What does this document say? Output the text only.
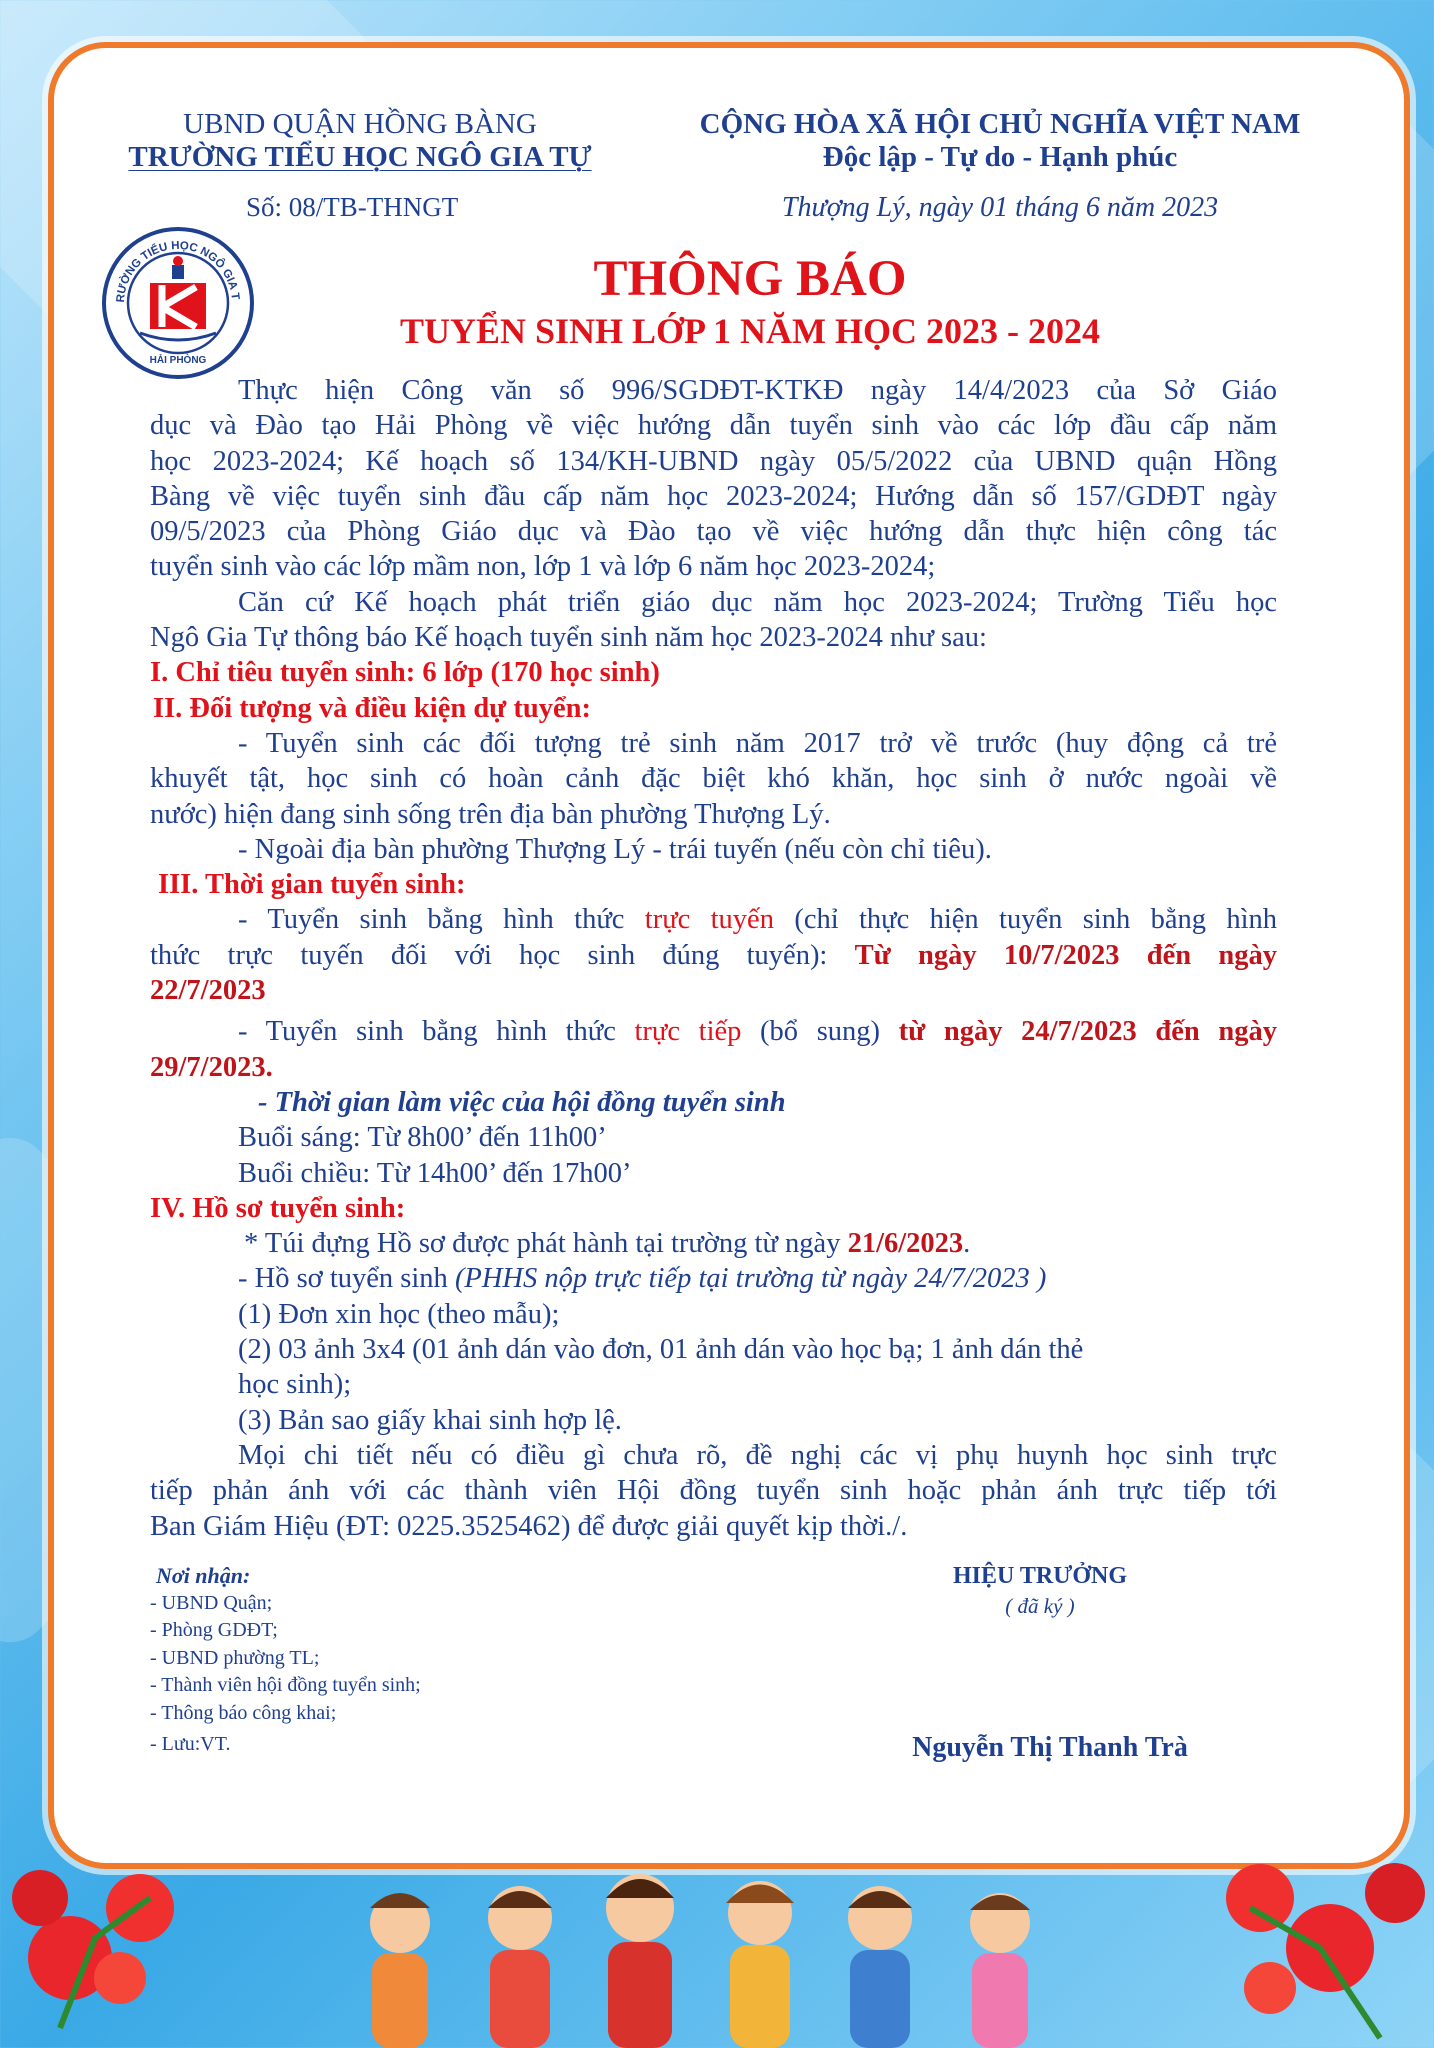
UBND QUẬN HỒNG BÀNG
TRƯỜNG TIỂU HỌC NGÔ GIA TỰ
Số: 08/TB-THNGT
CỘNG HÒA XÃ HỘI CHỦ NGHĨA VIỆT NAM
Độc lập - Tự do - Hạnh phúc
Thượng Lý, ngày 01 tháng 6 năm 2023
RƯỜNG TIỂU HỌC NGÔ GIA T
HẢI PHÒNG
THÔNG BÁO
TUYỂN SINH LỚP 1 NĂM HỌC 2023 - 2024
Thực hiện Công văn số 996/SGDĐT-KTKĐ ngày 14/4/2023 của Sở Giáo
dục và Đào tạo Hải Phòng về việc hướng dẫn tuyển sinh vào các lớp đầu cấp năm
học 2023-2024; Kế hoạch số 134/KH-UBND ngày 05/5/2022 của UBND quận Hồng
Bàng về việc tuyển sinh đầu cấp năm học 2023-2024; Hướng dẫn số 157/GDĐT ngày
09/5/2023 của Phòng Giáo dục và Đào tạo về việc hướng dẫn thực hiện công tác
tuyển sinh vào các lớp mầm non, lớp 1 và lớp 6 năm học 2023-2024;
Căn cứ Kế hoạch phát triển giáo dục năm học 2023-2024; Trường Tiểu học
Ngô Gia Tự thông báo Kế hoạch tuyển sinh năm học 2023-2024 như sau:
I. Chỉ tiêu tuyển sinh: 6 lớp (170 học sinh)
II. Đối tượng và điều kiện dự tuyển:
- Tuyển sinh các đối tượng trẻ sinh năm 2017 trở về trước (huy động cả trẻ
khuyết tật, học sinh có hoàn cảnh đặc biệt khó khăn, học sinh ở nước ngoài về
nước) hiện đang sinh sống trên địa bàn phường Thượng Lý.
- Ngoài địa bàn phường Thượng Lý - trái tuyến (nếu còn chỉ tiêu).
III. Thời gian tuyển sinh:
- Tuyển sinh bằng hình thức trực tuyến (chỉ thực hiện tuyển sinh bằng hình
thức trực tuyến đối với học sinh đúng tuyến): Từ ngày 10/7/2023 đến ngày
22/7/2023
- Tuyển sinh bằng hình thức trực tiếp (bổ sung) từ ngày 24/7/2023 đến ngày
29/7/2023.
- Thời gian làm việc của hội đồng tuyển sinh
Buổi sáng: Từ 8h00’ đến 11h00’
Buổi chiều: Từ 14h00’ đến 17h00’
IV. Hồ sơ tuyển sinh:
* Túi đựng Hồ sơ được phát hành tại trường từ ngày 21/6/2023.
- Hồ sơ tuyển sinh (PHHS nộp trực tiếp tại trường từ ngày 24/7/2023 )
(1) Đơn xin học (theo mẫu);
(2) 03 ảnh 3x4 (01 ảnh dán vào đơn, 01 ảnh dán vào học bạ; 1 ảnh dán thẻ
học sinh);
(3) Bản sao giấy khai sinh hợp lệ.
Mọi chi tiết nếu có điều gì chưa rõ, đề nghị các vị phụ huynh học sinh trực
tiếp phản ánh với các thành viên Hội đồng tuyển sinh hoặc phản ánh trực tiếp tới
Ban Giám Hiệu (ĐT: 0225.3525462) để được giải quyết kịp thời./.
Nơi nhận:
- UBND Quận;
- Phòng GDĐT;
- UBND phường TL;
- Thành viên hội đồng tuyển sinh;
- Thông báo công khai;
- Lưu:VT.
HIỆU TRƯỞNG
( đã ký )
Nguyễn Thị Thanh Trà
